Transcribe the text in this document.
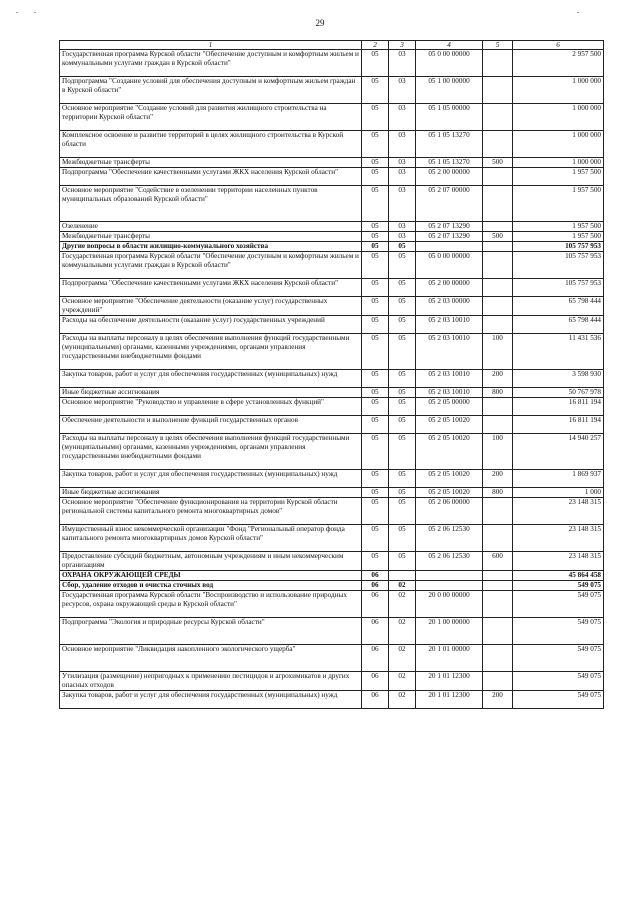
29
1	2	3	4	5	6
Государственная программа Курской области "Обеспечение доступным и комфортным жильем и коммунальными услугами граждан в Курской области"	05	03	05 0 00 00000		2 957 500
Подпрограмма "Создание условий для обеспечения доступным и комфортным жильем граждан в Курской области"	05	03	05 1 00 00000		1 000 000
Основное мероприятие "Создание условий для развития жилищного строительства на территории Курской области"	05	03	05 1 05 00000		1 000 000
Комплексное освоение и развитие территорий в целях жилищного строительства в Курской области	05	03	05 1 05 13270		1 000 000
Межбюджетные трансферты	05	03	05 1 05 13270	500	1 000 000
Подпрограмма "Обеспечение качественными услугами ЖКХ населения Курской области"	05	03	05 2 00 00000		1 957 500
Основное мероприятие "Содействие в озеленении территории населенных пунктов муниципальных образований Курской области"	05	03	05 2 07 00000		1 957 500
Озеленение	05	03	05 2 07 13290		1 957 500
Межбюджетные трансферты	05	03	05 2 07 13290	500	1 957 500
Другие вопросы в области жилищно-коммунального хозяйства	05	05			105 757 953
Государственная программа Курской области "Обеспечение доступным и комфортным жильем и коммунальными услугами граждан в Курской области"	05	05	05 0 00 00000		105 757 953
Подпрограмма "Обеспечение качественными услугами ЖКХ населения Курской области"	05	05	05 2 00 00000		105 757 953
Основное мероприятие "Обеспечение деятельности (оказание услуг) государственных учреждений"	05	05	05 2 03 00000		65 798 444
Расходы на обеспечение деятельности (оказание услуг) государственных учреждений	05	05	05 2 03 10010		65 798 444
Расходы на выплаты персоналу в целях обеспечения выполнения функций государственными (муниципальными) органами, казенными учреждениями, органами управления государственными внебюджетными фондами	05	05	05 2 03 10010	100	11 431 536
Закупка товаров, работ и услуг для обеспечения государственных (муниципальных) нужд	05	05	05 2 03 10010	200	3 598 930
Иные бюджетные ассигнования	05	05	05 2 03 10010	800	50 767 978
Основное мероприятие "Руководство и управление в сфере установленных функций"	05	05	05 2 05 00000		16 811 194
Обеспечение деятельности и выполнение функций государственных органов	05	05	05 2 05 10020		16 811 194
Расходы на выплаты персоналу в целях обеспечения выполнения функций государственными (муниципальными) органами, казенными учреждениями, органами управления государственными внебюджетными фондами	05	05	05 2 05 10020	100	14 940 257
Закупка товаров, работ и услуг для обеспечения государственных (муниципальных) нужд	05	05	05 2 05 10020	200	1 869 937
Иные бюджетные ассигнования	05	05	05 2 05 10020	800	1 000
Основное мероприятие "Обеспечение функционирования на территории Курской области региональной системы капитального ремонта многоквартирных домов"	05	05	05 2 06 00000		23 148 315
Имущественный взнос некоммерческой организации "Фонд "Региональный оператор фонда капитального ремонта многоквартирных домов Курской области"	05	05	05 2 06 12530		23 148 315
Предоставление субсидий бюджетным, автономным учреждениям и иным некоммерческим организациям	05	05	05 2 06 12530	600	23 148 315
ОХРАНА ОКРУЖАЮЩЕЙ СРЕДЫ	06				45 864 458
Сбор, удаление отходов и очистка сточных вод	06	02			549 075
Государственная программа Курской области "Воспроизводство и использование природных ресурсов, охрана окружающей среды в Курской области"	06	02	20 0 00 00000		549 075
Подпрограмма "Экология и природные ресурсы Курской области"	06	02	20 1 00 00000		549 075
Основное мероприятие "Ликвидация накопленного экологического ущерба"	06	02	20 1 01 00000		549 075
Утилизация (размещение) непригодных к применению пестицидов и агрохимикатов и других опасных отходов	06	02	20 1 01 12300		549 075
Закупка товаров, работ и услуг для обеспечения государственных (муниципальных) нужд	06	02	20 1 01 12300	200	549 075
